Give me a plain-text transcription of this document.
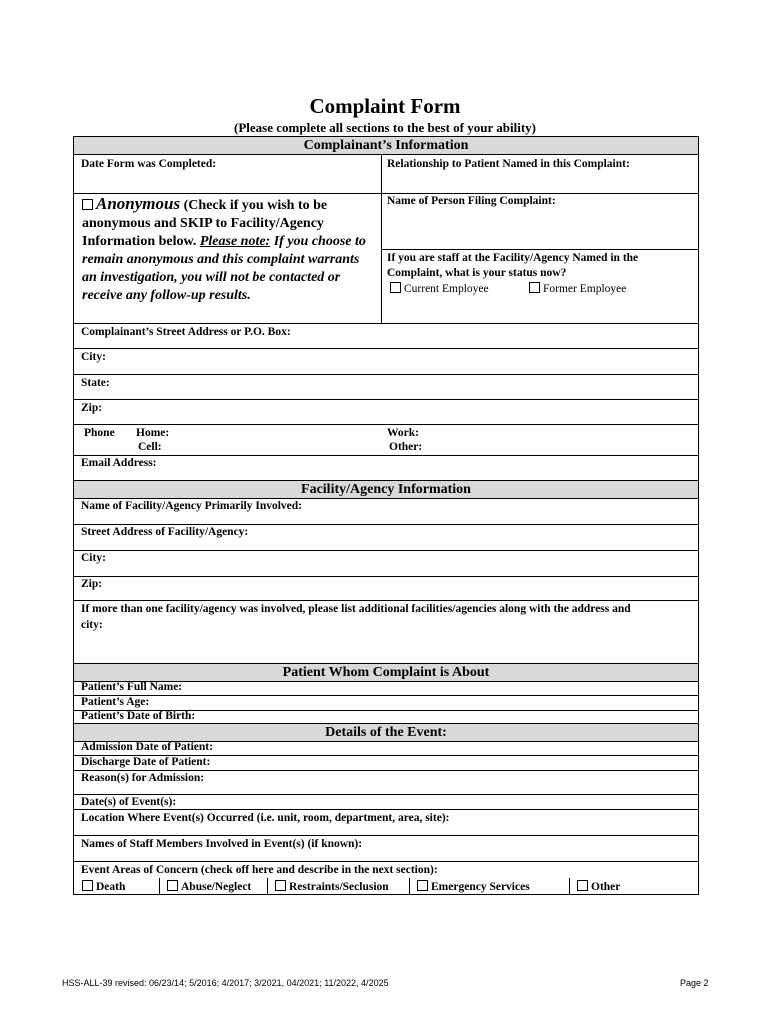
Complaint Form
(Please complete all sections to the best of your ability)
Complainant’s Information
Date Form was Completed:	Relationship to Patient Named in this Complaint:
Anonymous (Check if you wish to be anonymous and SKIP to Facility/Agency Information below. Please note: If you choose to remain anonymous and this complaint warrants an investigation, you will not be contacted or receive any follow-up results.
Name of Person Filing Complaint:
If you are staff at the Facility/Agency Named in the Complaint, what is your status now?
Current Employee	Former Employee
Complainant’s Street Address or P.O. Box:
City:
State:
Zip:
Phone Home:
Cell:
Work:
Other:
Email Address:
Facility/Agency Information
Name of Facility/Agency Primarily Involved:
Street Address of Facility/Agency:
City:
Zip:
If more than one facility/agency was involved, please list additional facilities/agencies along with the address and
city:
Patient Whom Complaint is About
Patient’s Full Name:
Patient’s Age:
Patient’s Date of Birth:
Details of the Event:
Admission Date of Patient:
Discharge Date of Patient:
Reason(s) for Admission:
Date(s) of Event(s):
Location Where Event(s) Occurred (i.e. unit, room, department, area, site):
Names of Staff Members Involved in Event(s) (if known):
Event Areas of Concern (check off here and describe in the next section):
Death	Abuse/Neglect	Restraints/Seclusion	Emergency Services	Other
HSS-ALL-39 revised: 06/23/14; 5/2016; 4/2017; 3/2021, 04/2021; 11/2022, 4/2025	Page 2
